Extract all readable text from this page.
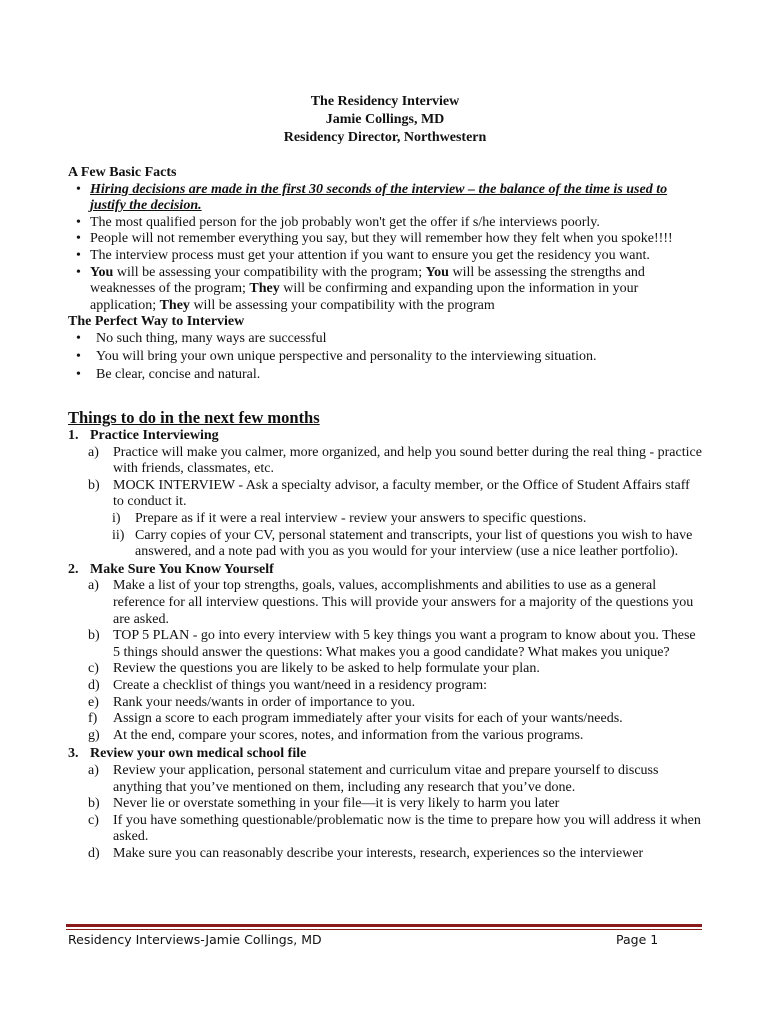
The Residency Interview
Jamie Collings, MD
Residency Director, Northwestern
A Few Basic Facts
• Hiring decisions are made in the first 30 seconds of the interview – the balance of the time is used to justify the decision.
• The most qualified person for the job probably won't get the offer if s/he interviews poorly.
• People will not remember everything you say, but they will remember how they felt when you spoke!!!!
• The interview process must get your attention if you want to ensure you get the residency you want.
• You will be assessing your compatibility with the program; You will be assessing the strengths and weaknesses of the program; They will be confirming and expanding upon the information in your application; They will be assessing your compatibility with the program
The Perfect Way to Interview
• No such thing, many ways are successful
• You will bring your own unique perspective and personality to the interviewing situation.
• Be clear, concise and natural.
Things to do in the next few months
1. Practice Interviewing
a) Practice will make you calmer, more organized, and help you sound better during the real thing - practice with friends, classmates, etc.
b) MOCK INTERVIEW - Ask a specialty advisor, a faculty member, or the Office of Student Affairs staff to conduct it.
i) Prepare as if it were a real interview - review your answers to specific questions.
ii) Carry copies of your CV, personal statement and transcripts, your list of questions you wish to have answered, and a note pad with you as you would for your interview (use a nice leather portfolio).
2. Make Sure You Know Yourself
a) Make a list of your top strengths, goals, values, accomplishments and abilities to use as a general reference for all interview questions. This will provide your answers for a majority of the questions you are asked.
b) TOP 5 PLAN - go into every interview with 5 key things you want a program to know about you. These 5 things should answer the questions: What makes you a good candidate? What makes you unique?
c) Review the questions you are likely to be asked to help formulate your plan.
d) Create a checklist of things you want/need in a residency program:
e) Rank your needs/wants in order of importance to you.
f) Assign a score to each program immediately after your visits for each of your wants/needs.
g) At the end, compare your scores, notes, and information from the various programs.
3. Review your own medical school file
a) Review your application, personal statement and curriculum vitae and prepare yourself to discuss anything that you’ve mentioned on them, including any research that you’ve done.
b) Never lie or overstate something in your file—it is very likely to harm you later
c) If you have something questionable/problematic now is the time to prepare how you will address it when asked.
d) Make sure you can reasonably describe your interests, research, experiences so the interviewer
Residency Interviews-Jamie Collings, MD	Page 1
